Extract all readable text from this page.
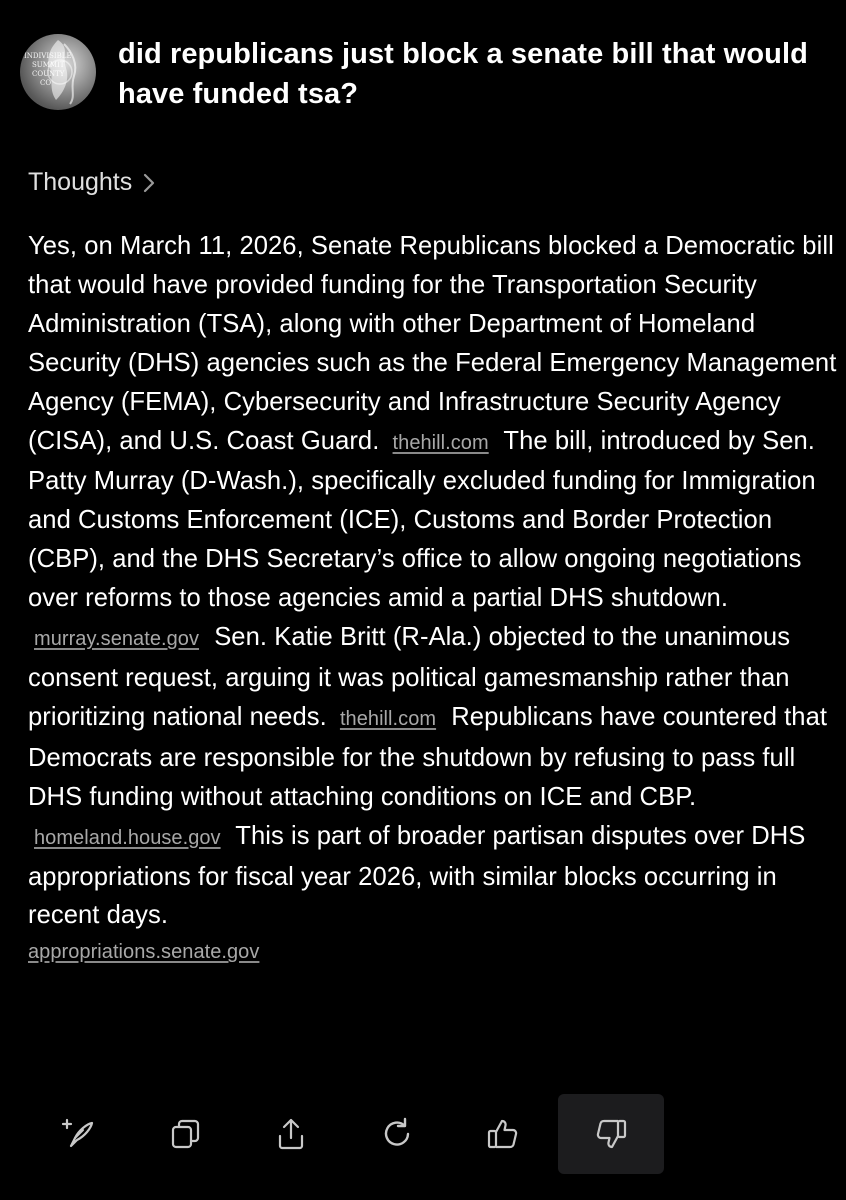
INDIVISIBLE
SUMMIT COUNTY
CO
did republicans just block a senate bill that would have funded tsa?
Thoughts
Yes, on March 11, 2026, Senate Republicans blocked a Democratic bill that would have provided funding for the Transportation Security Administration (TSA), along with other Department of Homeland Security (DHS) agencies such as the Federal Emergency Management Agency (FEMA), Cybersecurity and Infrastructure Security Agency (CISA), and U.S. Coast Guard. thehill.com The bill, introduced by Sen. Patty Murray (D-Wash.), specifically excluded funding for Immigration and Customs Enforcement (ICE), Customs and Border Protection (CBP), and the DHS Secretary’s office to allow ongoing negotiations over reforms to those agencies amid a partial DHS shutdown. murray.senate.gov Sen. Katie Britt (R-Ala.) objected to the unanimous consent request, arguing it was political gamesmanship rather than prioritizing national needs. thehill.com Republicans have countered that Democrats are responsible for the shutdown by refusing to pass full DHS funding without attaching conditions on ICE and CBP. homeland.house.gov This is part of broader partisan disputes over DHS appropriations for fiscal year 2026, with similar blocks occurring in recent days.
appropriations.senate.gov
